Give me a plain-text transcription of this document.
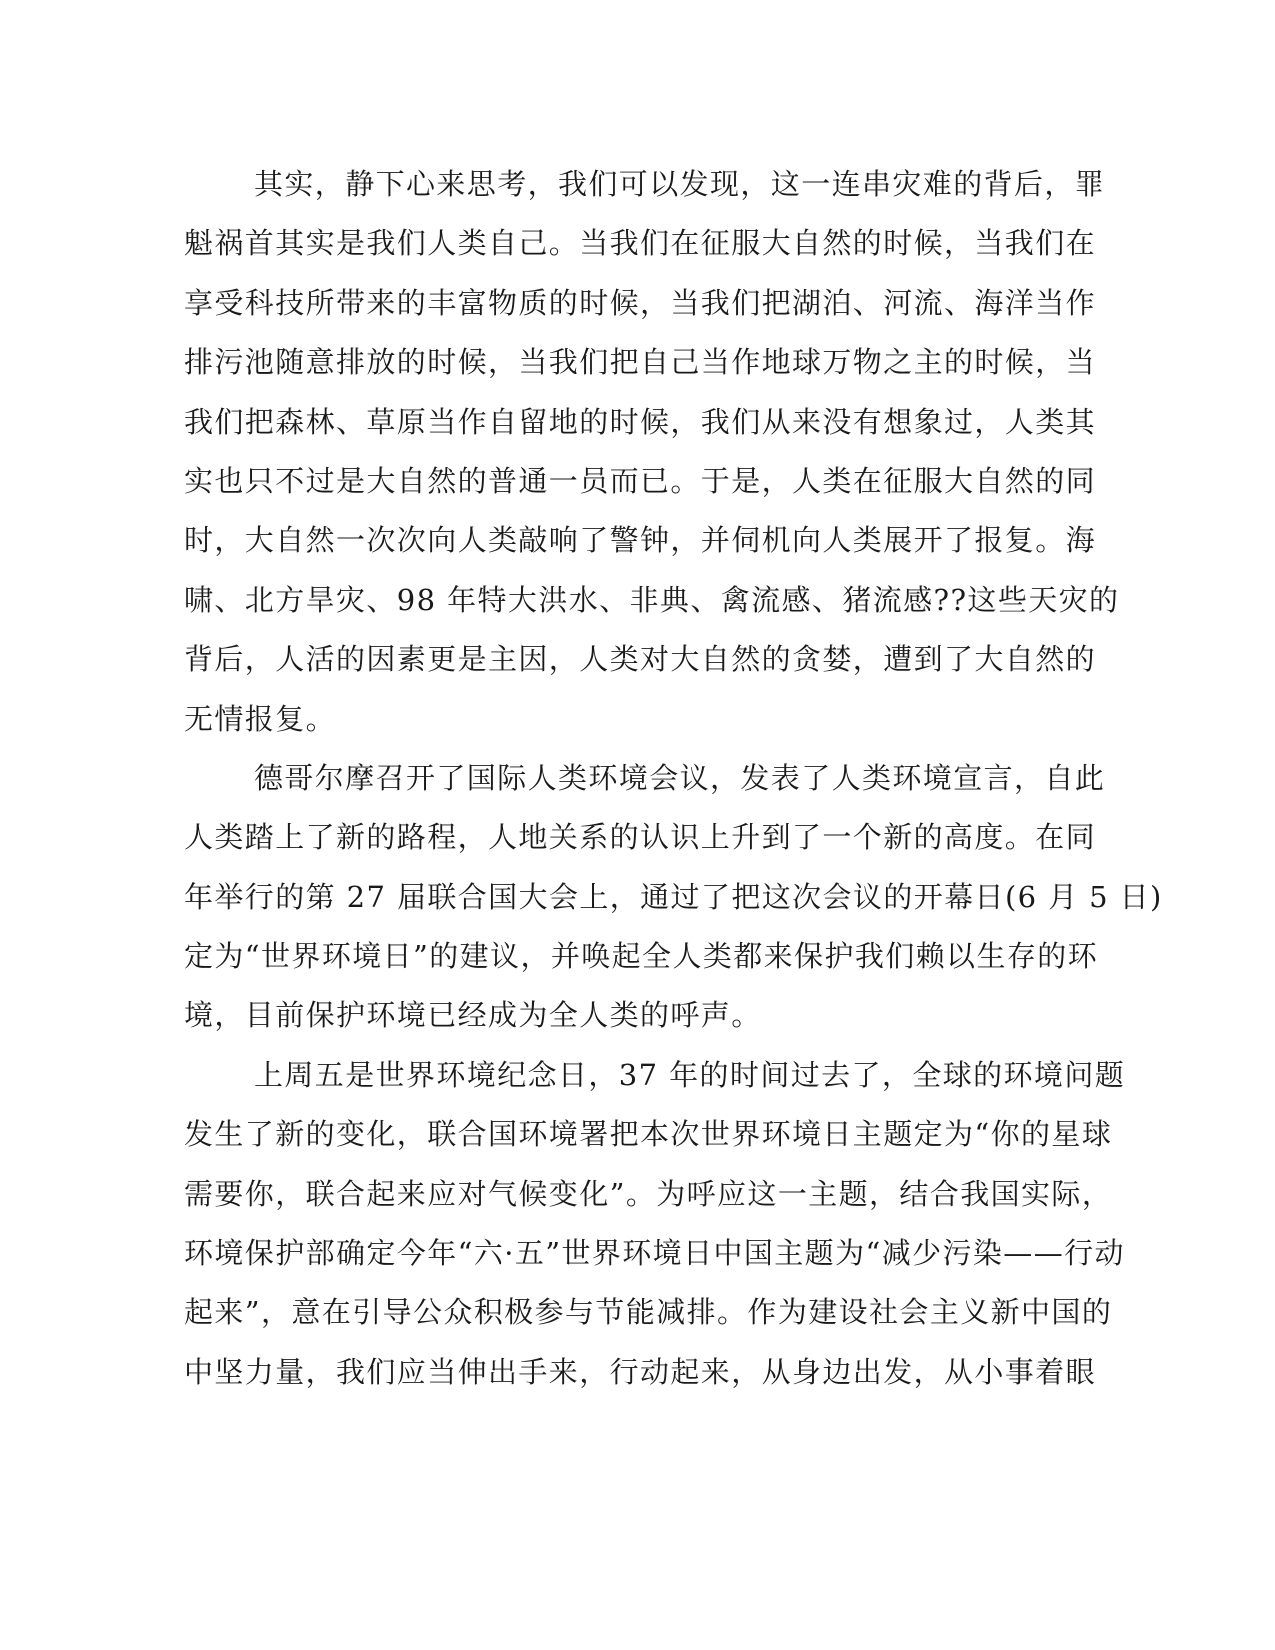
其实，静下心来思考，我们可以发现，这一连串灾难的背后，罪
魁祸首其实是我们人类自己。当我们在征服大自然的时候，当我们在
享受科技所带来的丰富物质的时候，当我们把湖泊、河流、海洋当作
排污池随意排放的时候，当我们把自己当作地球万物之主的时候，当
我们把森林、草原当作自留地的时候，我们从来没有想象过，人类其
实也只不过是大自然的普通一员而已。于是，人类在征服大自然的同
时，大自然一次次向人类敲响了警钟，并伺机向人类展开了报复。海
啸、北方旱灾、98 年特大洪水、非典、禽流感、猪流感??这些天灾的
背后，人活的因素更是主因，人类对大自然的贪婪，遭到了大自然的
无情报复。
德哥尔摩召开了国际人类环境会议，发表了人类环境宣言，自此
人类踏上了新的路程，人地关系的认识上升到了一个新的高度。在同
年举行的第 27 届联合国大会上，通过了把这次会议的开幕日(6 月 5 日)
定为“世界环境日”的建议，并唤起全人类都来保护我们赖以生存的环
境，目前保护环境已经成为全人类的呼声。
上周五是世界环境纪念日，37 年的时间过去了，全球的环境问题
发生了新的变化，联合国环境署把本次世界环境日主题定为“你的星球
需要你，联合起来应对气候变化”。为呼应这一主题，结合我国实际，
环境保护部确定今年“六·五”世界环境日中国主题为“减少污染——行动
起来”，意在引导公众积极参与节能减排。作为建设社会主义新中国的
中坚力量，我们应当伸出手来，行动起来，从身边出发，从小事着眼
